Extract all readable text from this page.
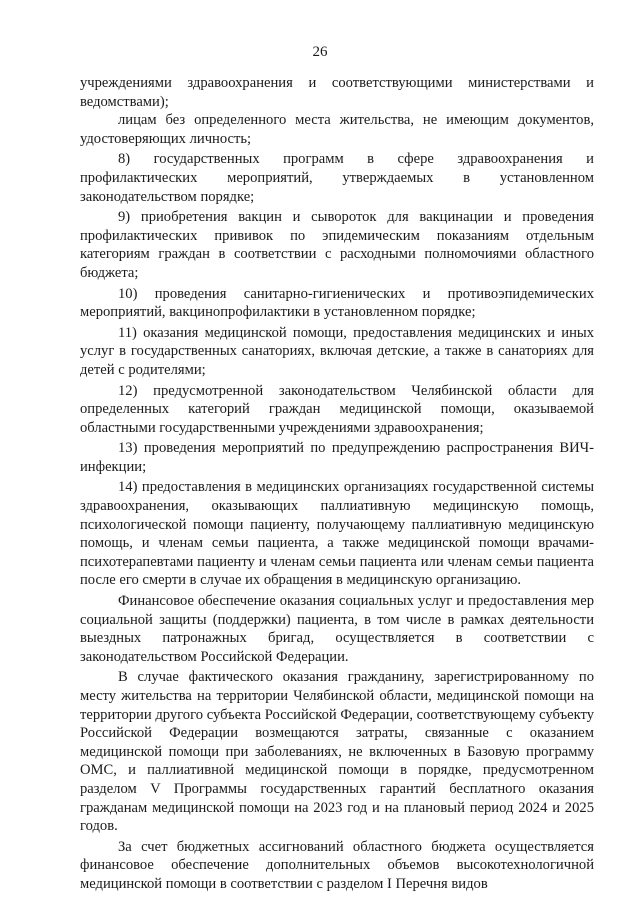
26

учреждениями здравоохранения и соответствующими министерствами и ведомствами);

лицам без определенного места жительства, не имеющим документов, удостоверяющих личность;

8) государственных программ в сфере здравоохранения и профилактических мероприятий, утверждаемых в установленном законодательством порядке;

9) приобретения вакцин и сывороток для вакцинации и проведения профилактических прививок по эпидемическим показаниям отдельным категориям граждан в соответствии с расходными полномочиями областного бюджета;

10) проведения санитарно-гигиенических и противоэпидемических мероприятий, вакцинопрофилактики в установленном порядке;

11) оказания медицинской помощи, предоставления медицинских и иных услуг в государственных санаториях, включая детские, а также в санаториях для детей с родителями;

12) предусмотренной законодательством Челябинской области для определенных категорий граждан медицинской помощи, оказываемой областными государственными учреждениями здравоохранения;

13) проведения мероприятий по предупреждению распространения ВИЧ-инфекции;

14) предоставления в медицинских организациях государственной системы здравоохранения, оказывающих паллиативную медицинскую помощь, психологической помощи пациенту, получающему паллиативную медицинскую помощь, и членам семьи пациента, а также медицинской помощи врачами-психотерапевтами пациенту и членам семьи пациента или членам семьи пациента после его смерти в случае их обращения в медицинскую организацию.

Финансовое обеспечение оказания социальных услуг и предоставления мер социальной защиты (поддержки) пациента, в том числе в рамках деятельности выездных патронажных бригад, осуществляется в соответствии с законодательством Российской Федерации.

В случае фактического оказания гражданину, зарегистрированному по месту жительства на территории Челябинской области, медицинской помощи на территории другого субъекта Российской Федерации, соответствующему субъекту Российской Федерации возмещаются затраты, связанные с оказанием медицинской помощи при заболеваниях, не включенных в Базовую программу ОМС, и паллиативной медицинской помощи в порядке, предусмотренном разделом V Программы государственных гарантий бесплатного оказания гражданам медицинской помощи на 2023 год и на плановый период 2024 и 2025 годов.

За счет бюджетных ассигнований областного бюджета осуществляется финансовое обеспечение дополнительных объемов высокотехнологичной медицинской помощи в соответствии с разделом I Перечня видов
